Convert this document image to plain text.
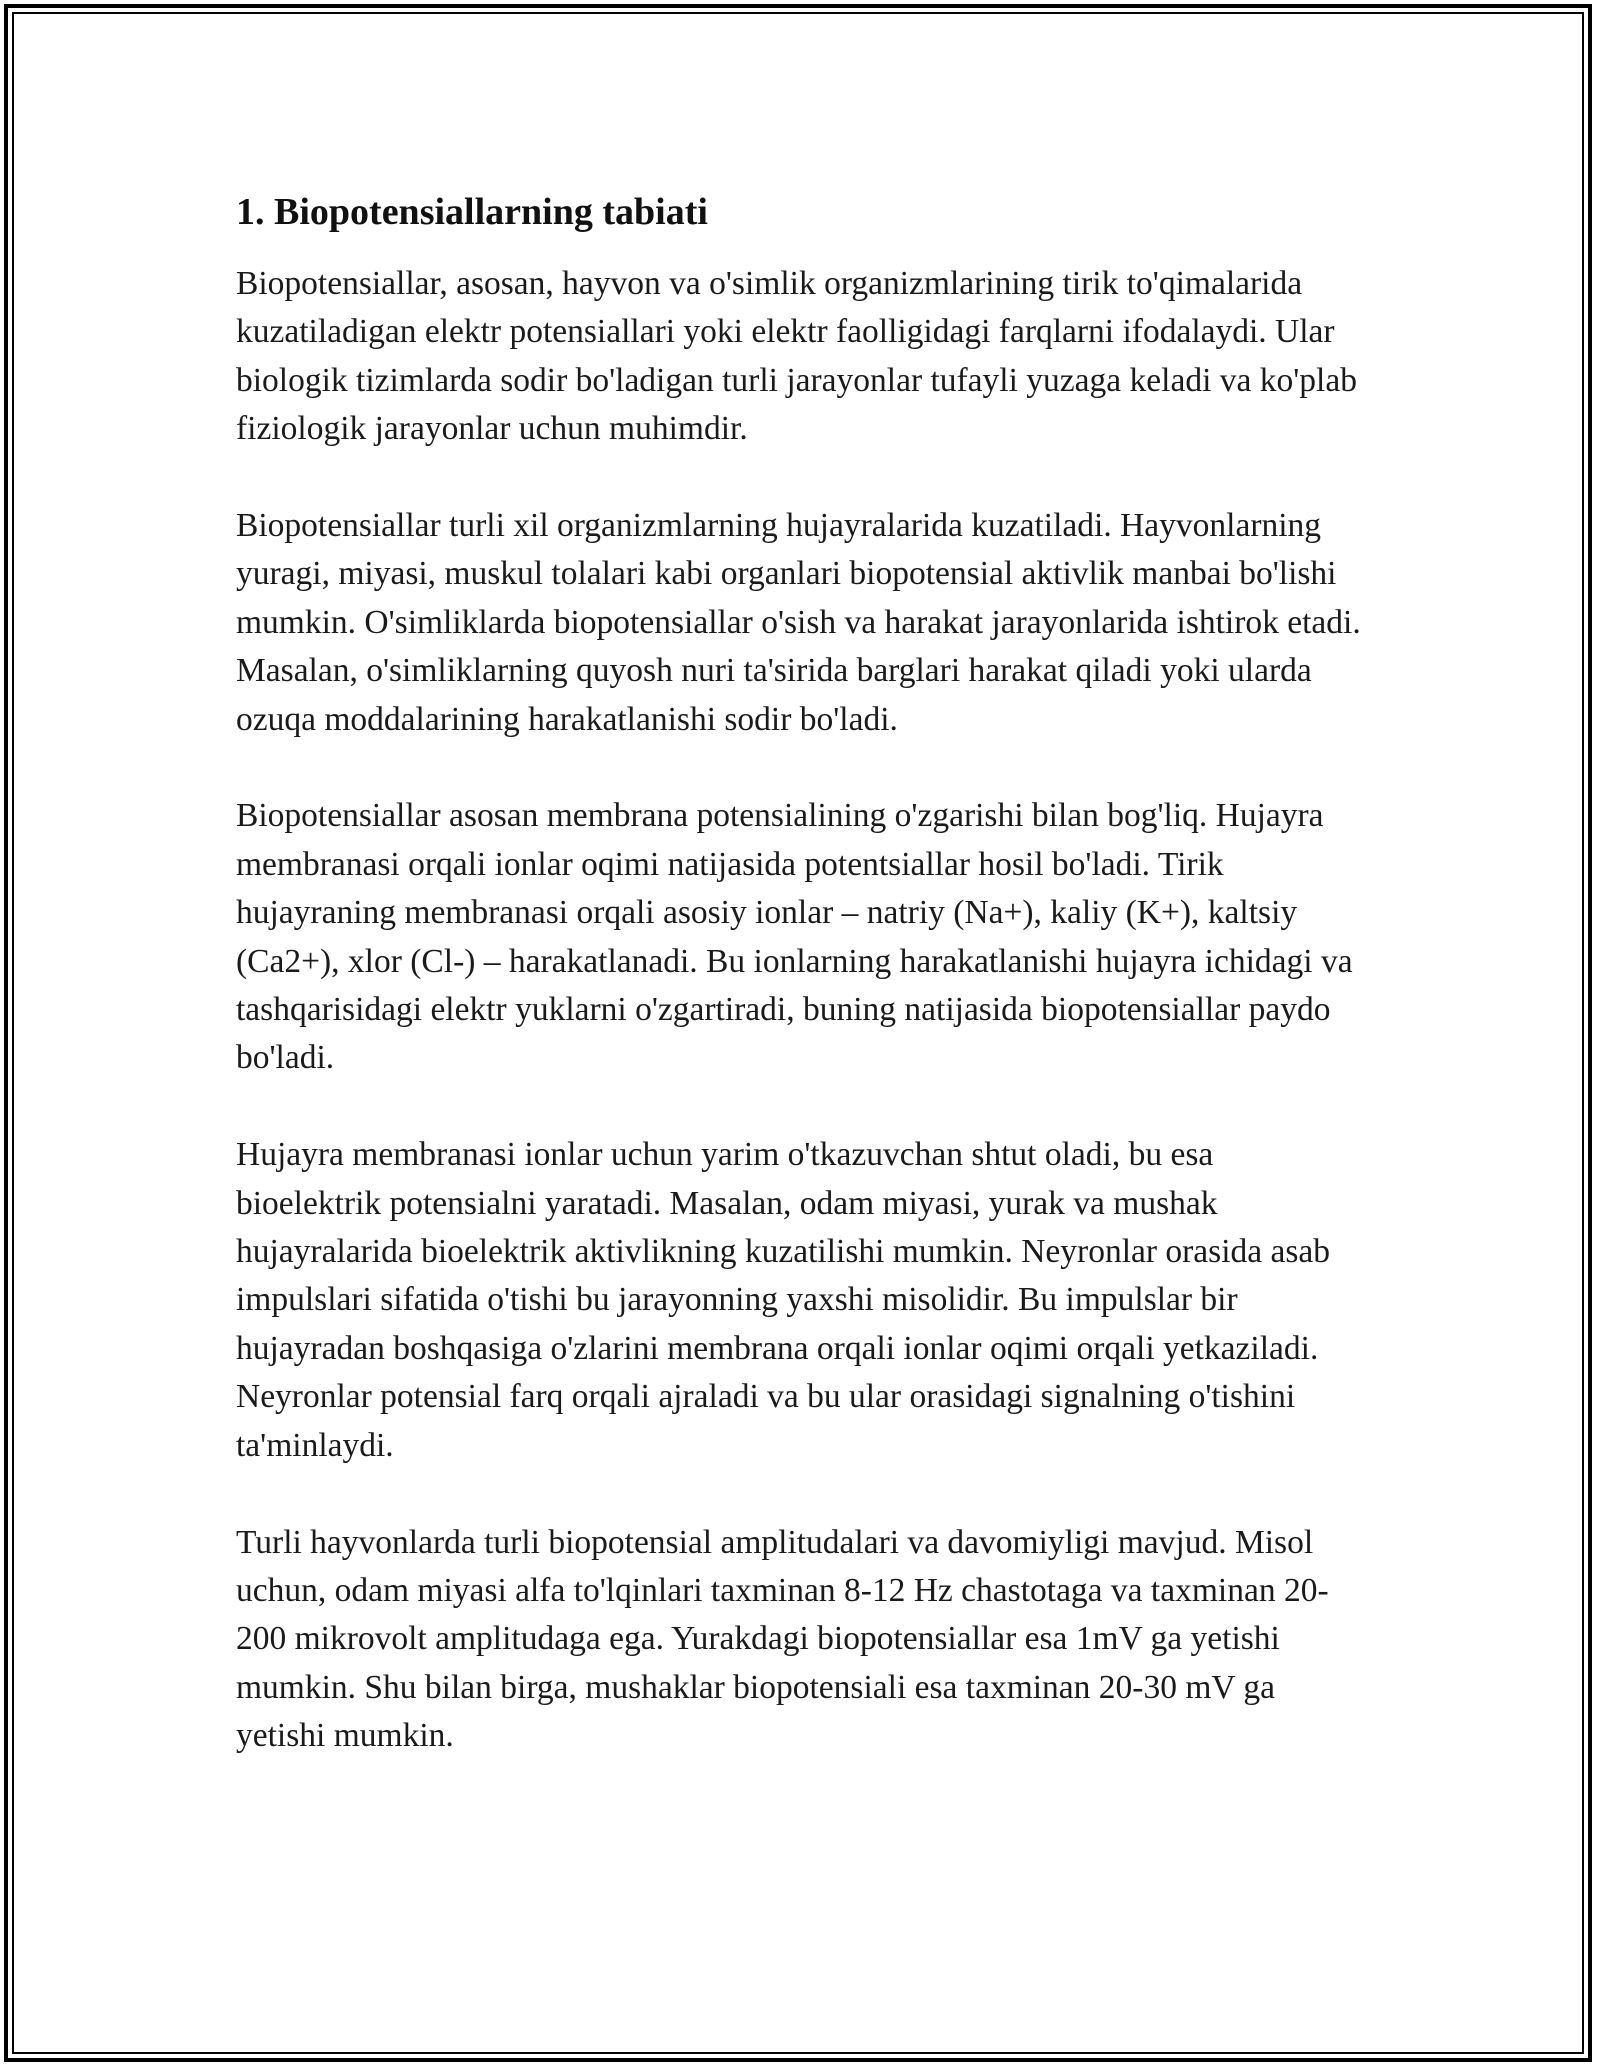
1. Biopotensiallarning tabiati

Biopotensiallar, asosan, hayvon va o'simlik organizmlarining tirik to'qimalarida kuzatiladigan elektr potensiallari yoki elektr faolligidagi farqlarni ifodalaydi. Ular biologik tizimlarda sodir bo'ladigan turli jarayonlar tufayli yuzaga keladi va ko'plab fiziologik jarayonlar uchun muhimdir.

Biopotensiallar turli xil organizmlarning hujayralarida kuzatiladi. Hayvonlarning yuragi, miyasi, muskul tolalari kabi organlari biopotensial aktivlik manbai bo'lishi mumkin. O'simliklarda biopotensiallar o'sish va harakat jarayonlarida ishtirok etadi. Masalan, o'simliklarning quyosh nuri ta'sirida barglari harakat qiladi yoki ularda ozuqa moddalarining harakatlanishi sodir bo'ladi.

Biopotensiallar asosan membrana potensialining o'zgarishi bilan bog'liq. Hujayra membranasi orqali ionlar oqimi natijasida potentsiallar hosil bo'ladi. Tirik hujayraning membranasi orqali asosiy ionlar – natriy (Na+), kaliy (K+), kaltsiy (Ca2+), xlor (Cl-) – harakatlanadi. Bu ionlarning harakatlanishi hujayra ichidagi va tashqarisidagi elektr yuklarni o'zgartiradi, buning natijasida biopotensiallar paydo bo'ladi.

Hujayra membranasi ionlar uchun yarim o'tkazuvchan shtut oladi, bu esa bioelektrik potensialni yaratadi. Masalan, odam miyasi, yurak va mushak hujayralarida bioelektrik aktivlikning kuzatilishi mumkin. Neyronlar orasida asab impulslari sifatida o'tishi bu jarayonning yaxshi misolidir. Bu impulslar bir hujayradan boshqasiga o'zlarini membrana orqali ionlar oqimi orqali yetkaziladi. Neyronlar potensial farq orqali ajraladi va bu ular orasidagi signalning o'tishini ta'minlaydi.

Turli hayvonlarda turli biopotensial amplitudalari va davomiyligi mavjud. Misol uchun, odam miyasi alfa to'lqinlari taxminan 8-12 Hz chastotaga va taxminan 20-200 mikrovolt amplitudaga ega. Yurakdagi biopotensiallar esa 1mV ga yetishi mumkin. Shu bilan birga, mushaklar biopotensiali esa taxminan 20-30 mV ga yetishi mumkin.
